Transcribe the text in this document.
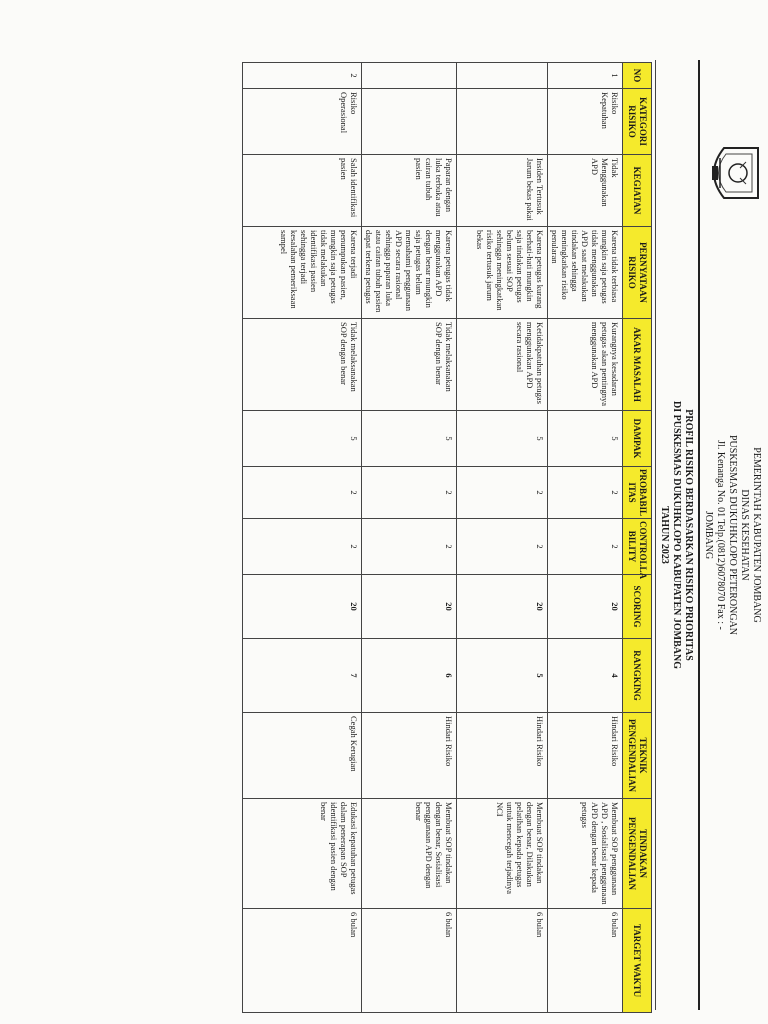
PEMERINTAH KABUPATEN JOMBANG
DINAS KESEHATAN
PUSKESMAS DUKUHKLOPO PETERONGAN
Jl. Kenanga No. 01 Telp.(0812)6078070 Fax : -
JOMBANG
PROFIL RISIKO BERDASARKAN RISIKO PRIORITAS
DI PUSKESMAS DUKUHKLOPO KABUPATEN JOMBANG
TAHUN 2023
NO	KATEGORI RISIKO	KEGIATAN	PERNYATAAN RISIKO	AKAR MASALAH	DAMPAK	PROBABIL ITAS	CONTROLLA BILITY	SCORING	RANGKING	TEKNIK PENGENDALIAN	TINDAKAN PENGENDALIAN	TARGET WAKTU
1	Risiko Kepatuhan	Tidak Menggunakan APD	Karena tidak terbiasa mungkin saja petugas tidak menggunakan APD saat melakukan tindakan sehingga meningkatkan risiko penularan	Kurangnya kesadaran petugas akan pentingnya menggunakan APD	5	2	2	20	4	Hindari Risiko	Membuat SOP penggunaan APD , Sosialisasi penggunaan APD dengan benar kepada petugas	6 bulan
		Insiden Tertusuk Jarum bekas pakai	Karena petugas kurang berhati-hati mungkin saja tindakan petugas belum sesuai SOP sehingga meningkatkan risiko tertusuk jarum bekas	Ketidakpatuhan petugas menggunakan APD secara rasional	5	2	2	20	5	Hindari Risiko	Membuat SOP tindakan dengan benar, Dilakukan pelatihan kepada petugas untuk mencegah terjadinya NCI	6 bulan
		Paparan dengan luka terbuka atau cairan tubuh pasien	Karena petugas tidak menggunakan APD dengan benar mungkin saja petugas belum memahami penggunaan APD secara rasional sehingga paparan luka atau cairan tubuh pasien dapat terkena petugas	Tidak melaksanakan SOP dengan benar	5	2	2	20	6	Hindari Risiko	Membuat SOP tindakan dengan benar, Sosialisasi penggunaan APD dengan benar	6 bulan
2	Risiko Operasional	Salah identifikasi pasien	Karena terjadi penumpukan pasien, mungkin saja petugas tidak melakukan identifikasi pasien sehingga terjadi kesalahan pemeriksaan sampel	Tidak melaksanakan SOP dengan benar	5	2	2	20	7	Cegah Kerugian	Edukasi kepatuhan petugas dalam penerapan SOP identifikasi pasien dengan benar	6 bulan
